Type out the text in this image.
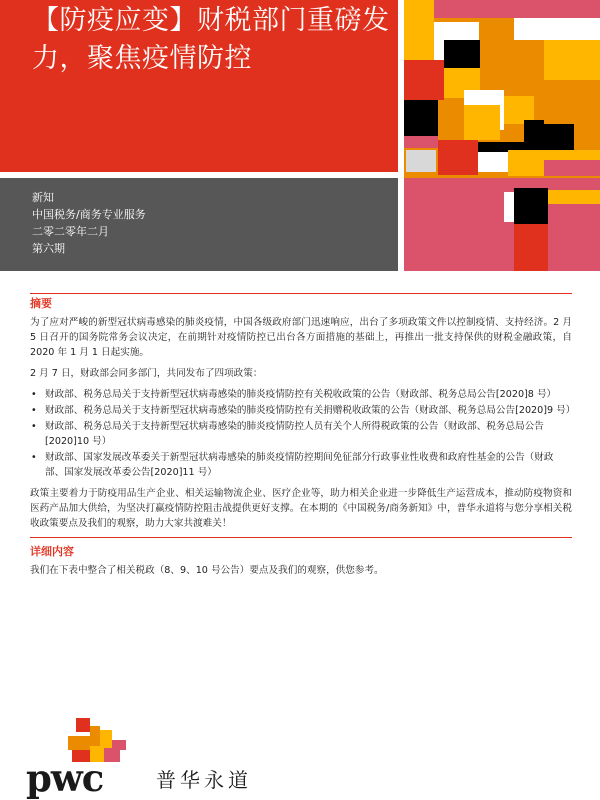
【防疫应变】财税部门重磅发力，聚焦疫情防控
新知
中国税务/商务专业服务
二零二零年二月
第六期
摘要

为了应对严峻的新型冠状病毒感染的肺炎疫情，中国各级政府部门迅速响应，出台了多项政策文件以控制疫情、支持经济。2 月 5 日召开的国务院常务会议决定，在前期针对疫情防控已出台各方面措施的基础上，再推出一批支持保供的财税金融政策，自 2020 年 1 月 1 日起实施。

2 月 7 日，财政部会同多部门，共同发布了四项政策：

• 财政部、税务总局关于支持新型冠状病毒感染的肺炎疫情防控有关税收政策的公告（财政部、税务总局公告[2020]8 号）
• 财政部、税务总局关于支持新型冠状病毒感染的肺炎疫情防控有关捐赠税收政策的公告（财政部、税务总局公告[2020]9 号）
• 财政部、税务总局关于支持新型冠状病毒感染的肺炎疫情防控人员有关个人所得税政策的公告（财政部、税务总局公告[2020]10 号）
• 财政部、国家发展改革委关于新型冠状病毒感染的肺炎疫情防控期间免征部分行政事业性收费和政府性基金的公告（财政部、国家发展改革委公告[2020]11 号）

政策主要着力于防疫用品生产企业、相关运输物流企业、医疗企业等，助力相关企业进一步降低生产运营成本，推动防疫物资和医药产品加大供给，为坚决打赢疫情防控阻击战提供更好支撑。在本期的《中国税务/商务新知》中，普华永道将与您分享相关税收政策要点及我们的观察，助力大家共渡难关！

详细内容

我们在下表中整合了相关税政（8、9、10 号公告）要点及我们的观察，供您参考。

pwc	普华永道
